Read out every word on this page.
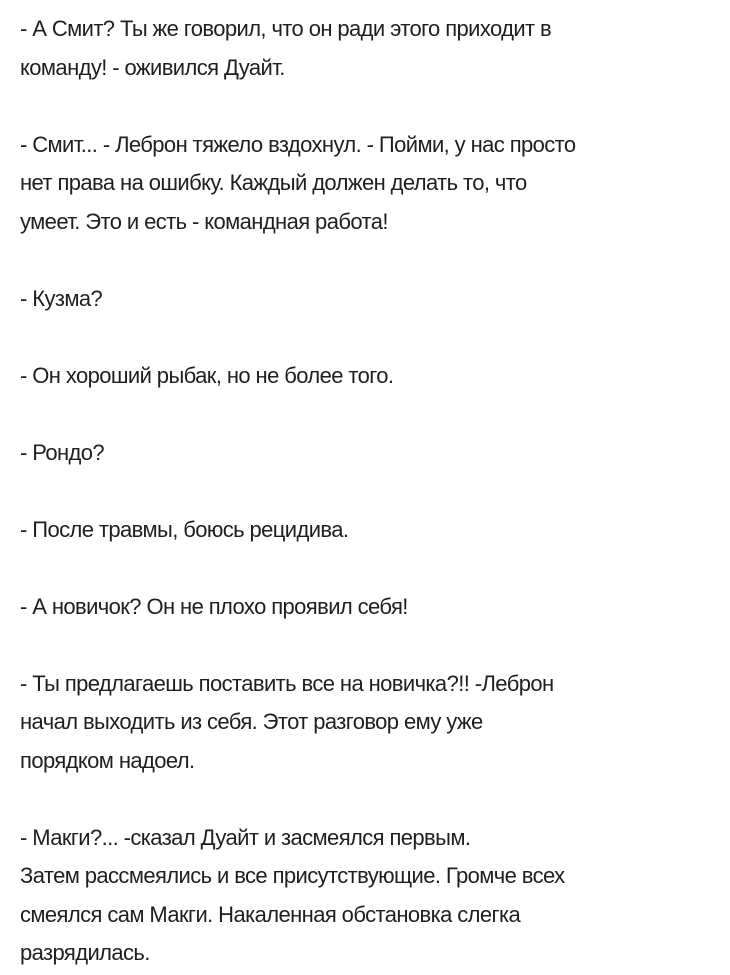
- А Смит? Ты же говорил, что он ради этого приходит в
команду! - оживился Дуайт.

- Смит... - Леброн тяжело вздохнул. - Пойми, у нас просто
нет права на ошибку. Каждый должен делать то, что
умеет. Это и есть - командная работа!

- Кузма?

- Он хороший рыбак, но не более того.

- Рондо?

- После травмы, боюсь рецидива.

- А новичок? Он не плохо проявил себя!

- Ты предлагаешь поставить все на новичка?!! -Леброн
начал выходить из себя. Этот разговор ему уже
порядком надоел.

- Макги?... -сказал Дуайт и засмеялся первым.
Затем рассмеялись и все присутствующие. Громче всех
смеялся сам Макги. Накаленная обстановка слегка
разрядилась.
